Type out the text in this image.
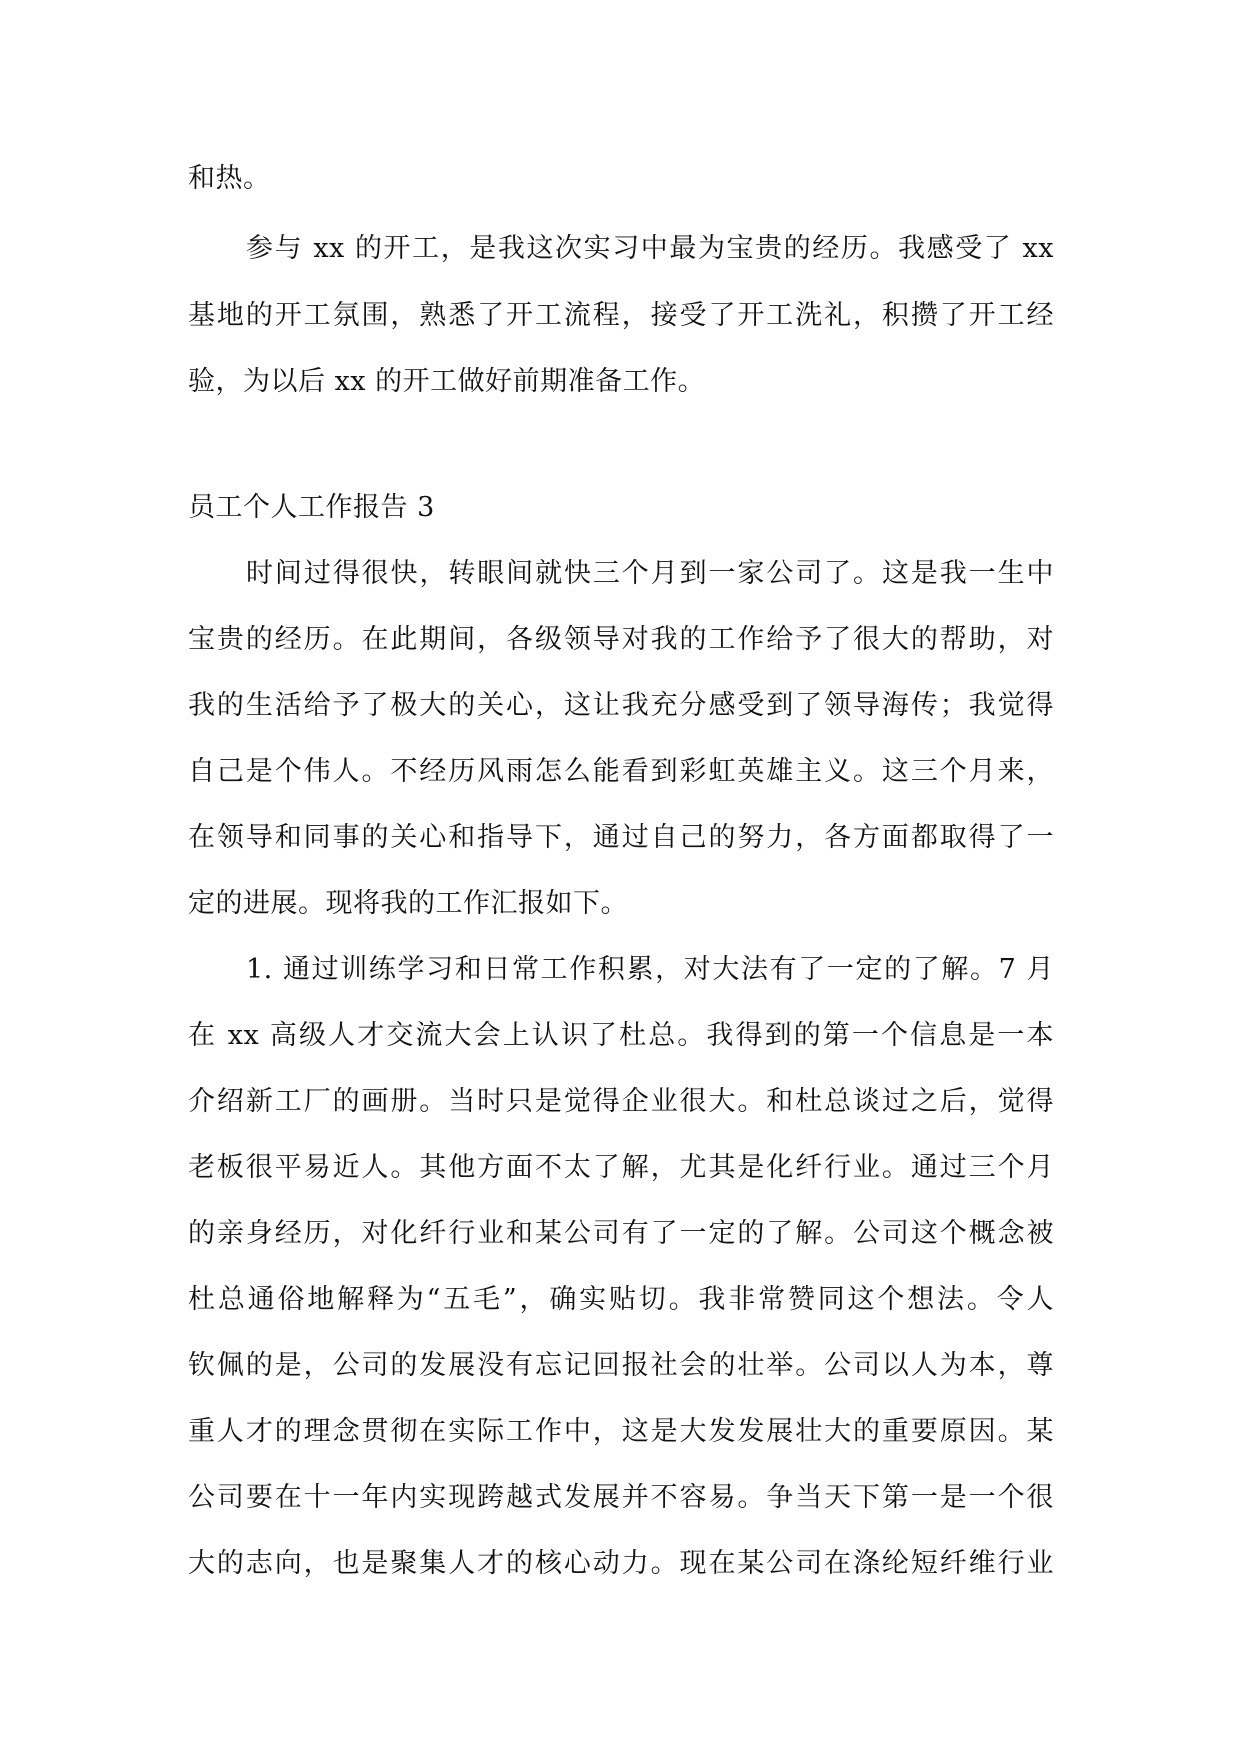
和热。
参与 xx 的开工，是我这次实习中最为宝贵的经历。我感受了 xx
基地的开工氛围，熟悉了开工流程，接受了开工洗礼，积攒了开工经
验，为以后 xx 的开工做好前期准备工作。
员工个人工作报告 3
时间过得很快，转眼间就快三个月到一家公司了。这是我一生中
宝贵的经历。在此期间，各级领导对我的工作给予了很大的帮助，对
我的生活给予了极大的关心，这让我充分感受到了领导海传；我觉得
自己是个伟人。不经历风雨怎么能看到彩虹英雄主义。这三个月来，
在领导和同事的关心和指导下，通过自己的努力，各方面都取得了一
定的进展。现将我的工作汇报如下。
1. 通过训练学习和日常工作积累，对大法有了一定的了解。7 月
在 xx 高级人才交流大会上认识了杜总。我得到的第一个信息是一本
介绍新工厂的画册。当时只是觉得企业很大。和杜总谈过之后，觉得
老板很平易近人。其他方面不太了解，尤其是化纤行业。通过三个月
的亲身经历，对化纤行业和某公司有了一定的了解。公司这个概念被
杜总通俗地解释为“五毛”，确实贴切。我非常赞同这个想法。令人
钦佩的是，公司的发展没有忘记回报社会的壮举。公司以人为本，尊
重人才的理念贯彻在实际工作中，这是大发发展壮大的重要原因。某
公司要在十一年内实现跨越式发展并不容易。争当天下第一是一个很
大的志向，也是聚集人才的核心动力。现在某公司在涤纶短纤维行业
